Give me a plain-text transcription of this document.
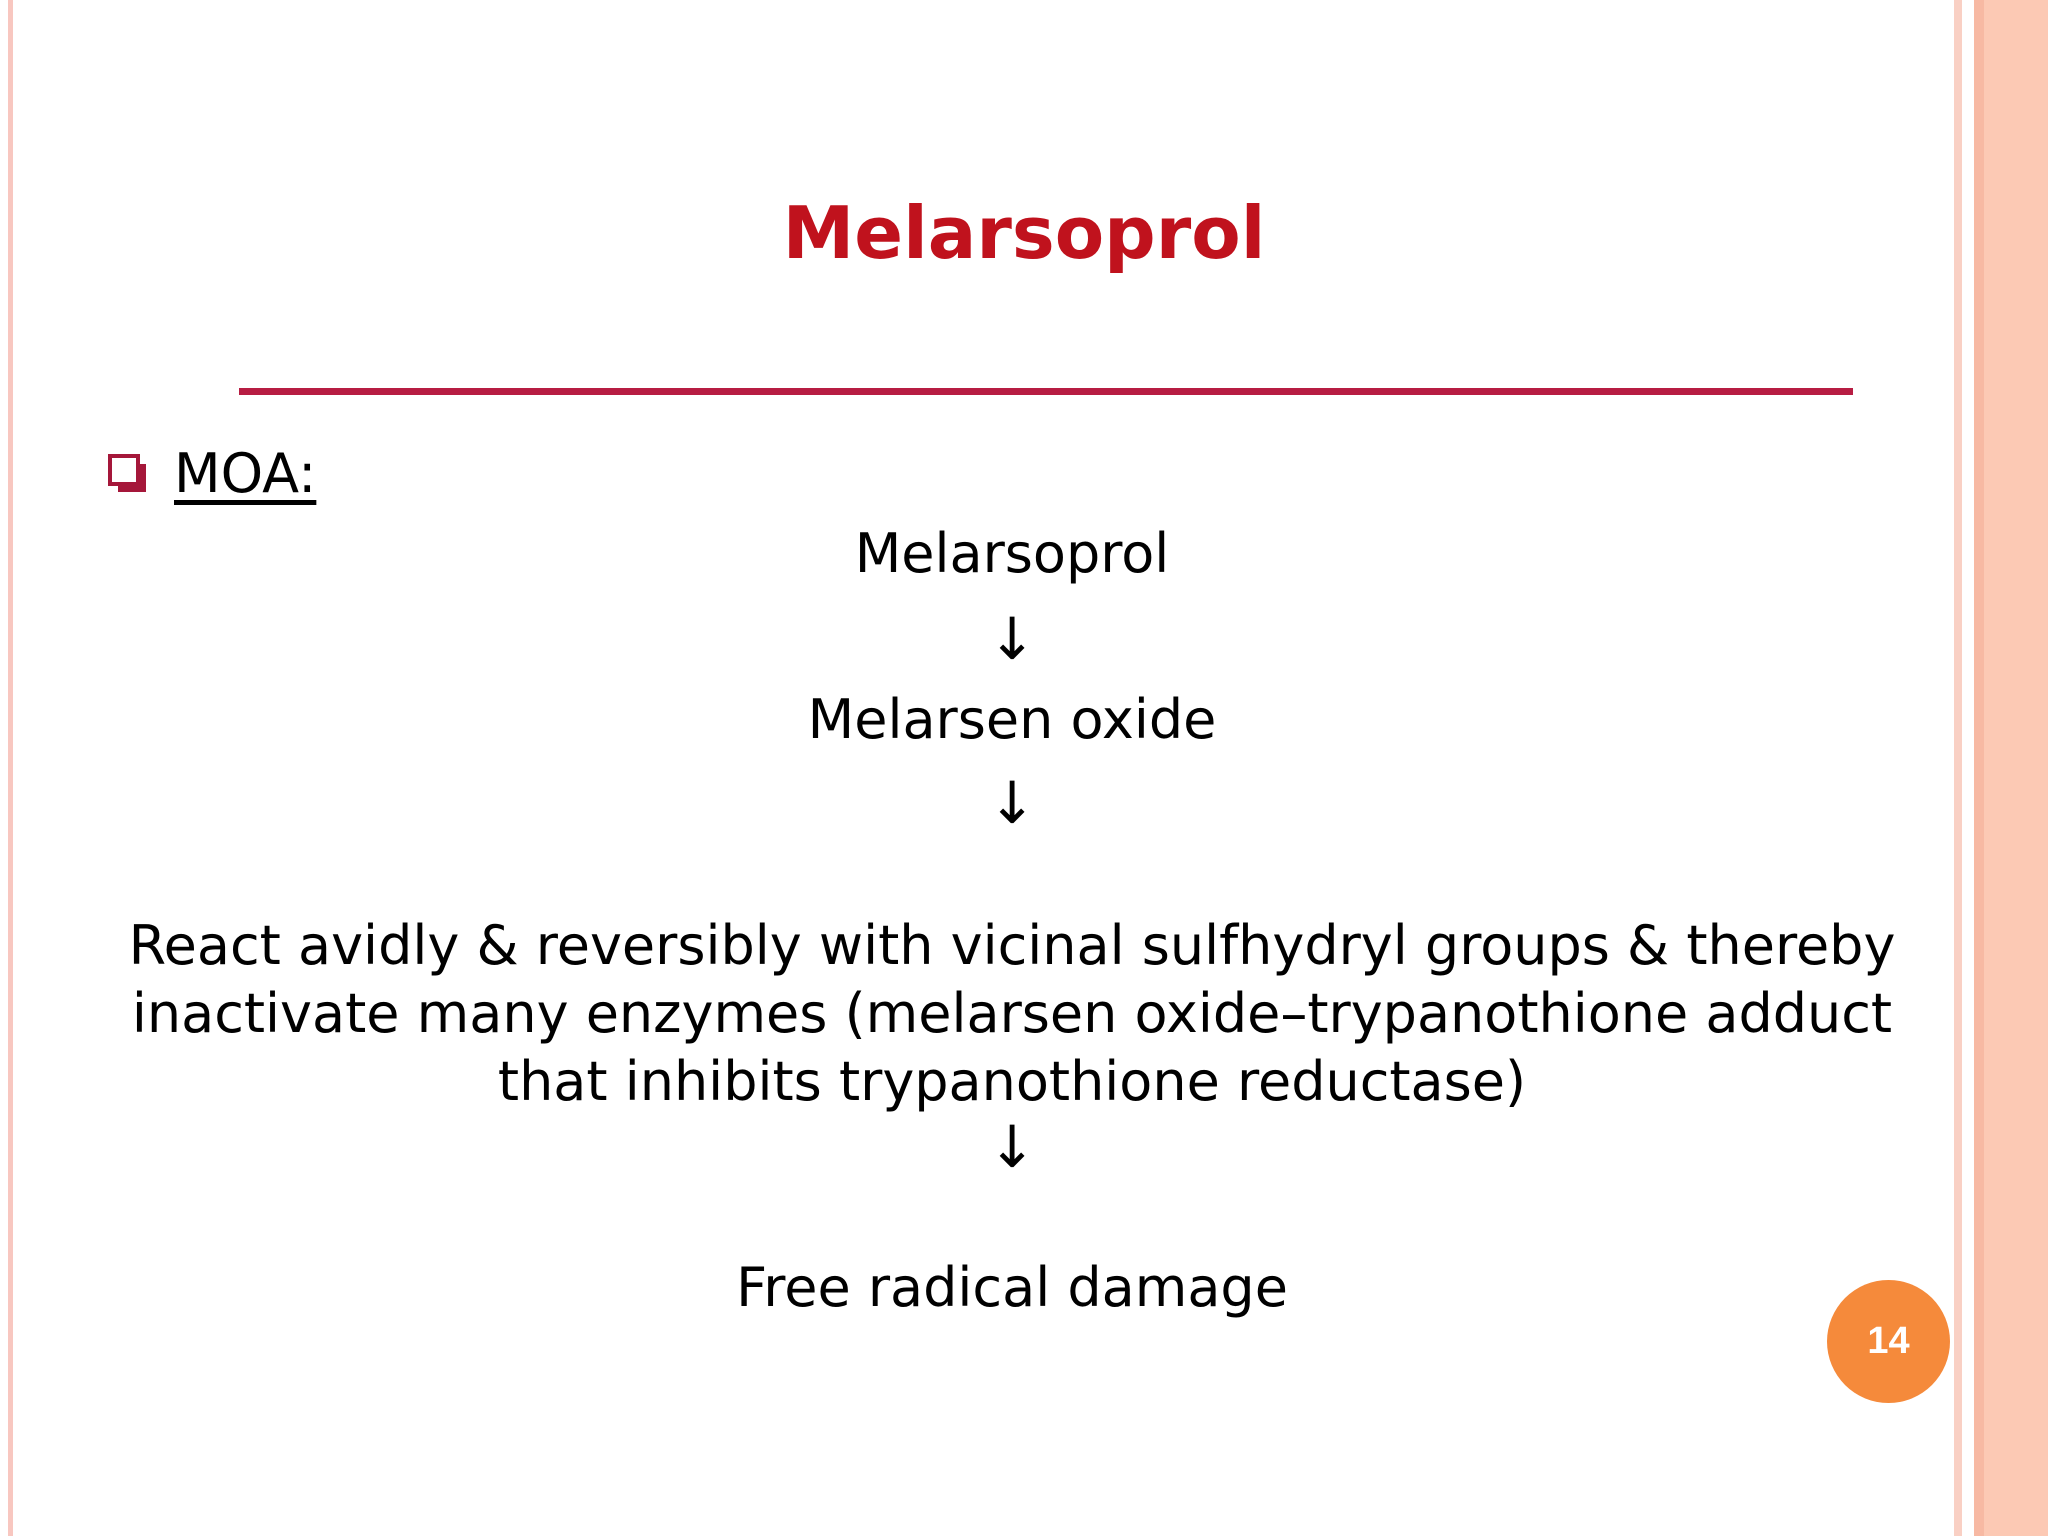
Melarsoprol
MOA:
Melarsoprol
↓
Melarsen oxide
↓
React avidly & reversibly with vicinal sulfhydryl groups & thereby inactivate many enzymes (melarsen oxide–trypanothione adduct that inhibits trypanothione reductase)
↓
Free radical damage
14
